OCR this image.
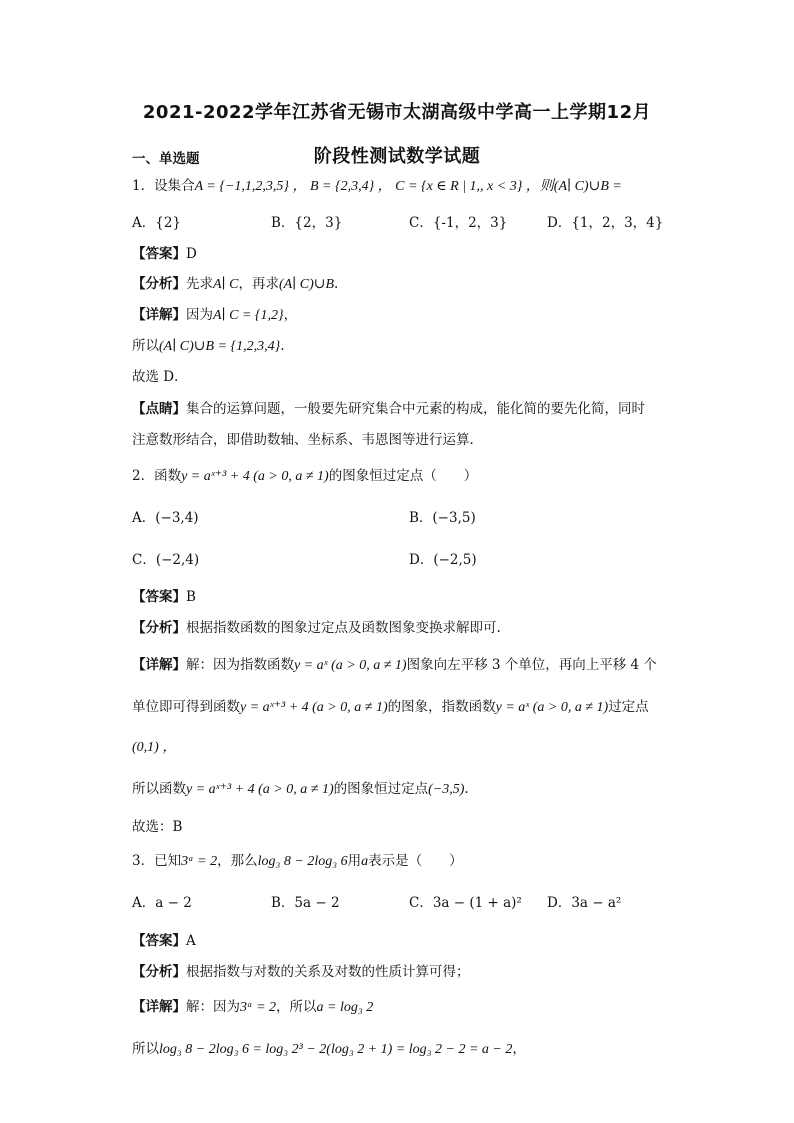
2021-2022学年江苏省无锡市太湖高级中学高一上学期12月
阶段性测试数学试题
一、单选题
1．设集合A = {−1,1,2,3,5} ， B = {2,3,4} ， C = {x ∈ R | 1,, x < 3} ，则(A∣ C)∪B =
A．{2}	B．{2，3}	C．{-1，2，3}	D．{1，2，3，4}
【 答案 】 D
【 分析 】 先求A∣ C，再求(A∣ C)∪B.
【 详解 】 因为A∣ C = {1,2}，
所以(A∣ C)∪B = {1,2,3,4}.
故选 D．
【 点睛 】 集合的运算问题，一般要先研究集合中元素的构成，能化简的要先化简，同时
注意数形结合，即借助数轴、坐标系、韦恩图等进行运算．
2．函数y = aˣ⁺³ + 4 (a > 0, a ≠ 1)的图象恒过定点（　　）
A．(−3,4)	B．(−3,5)
C．(−2,4)	D．(−2,5)
【 答案 】 B
【 分析 】 根据指数函数的图象过定点及函数图象变换求解即可.
【 详解 】 解：因为指数函数y = aˣ (a > 0, a ≠ 1)图象向左平移 3 个单位，再向上平移 4 个
单位即可得到函数y = aˣ⁺³ + 4 (a > 0, a ≠ 1)的图象，指数函数y = aˣ (a > 0, a ≠ 1)过定点
(0,1) ，
所以函数y = aˣ⁺³ + 4 (a > 0, a ≠ 1)的图象恒过定点(−3,5).
故选：B
3．已知3ᵃ = 2，那么log₃ 8 − 2log₃ 6用a表示是（　　）
A．a − 2	B．5a − 2	C．3a − (1 + a)² D．3a − a²
【 答案 】 A
【 分析 】 根据指数与对数的关系及对数的性质计算可得；
【 详解 】 解：因为3ᵃ = 2，所以a = log₃ 2
所以log₃ 8 − 2log₃ 6 = log₃ 2³ − 2(log₃ 2 + 1) = log₃ 2 − 2 = a − 2，
